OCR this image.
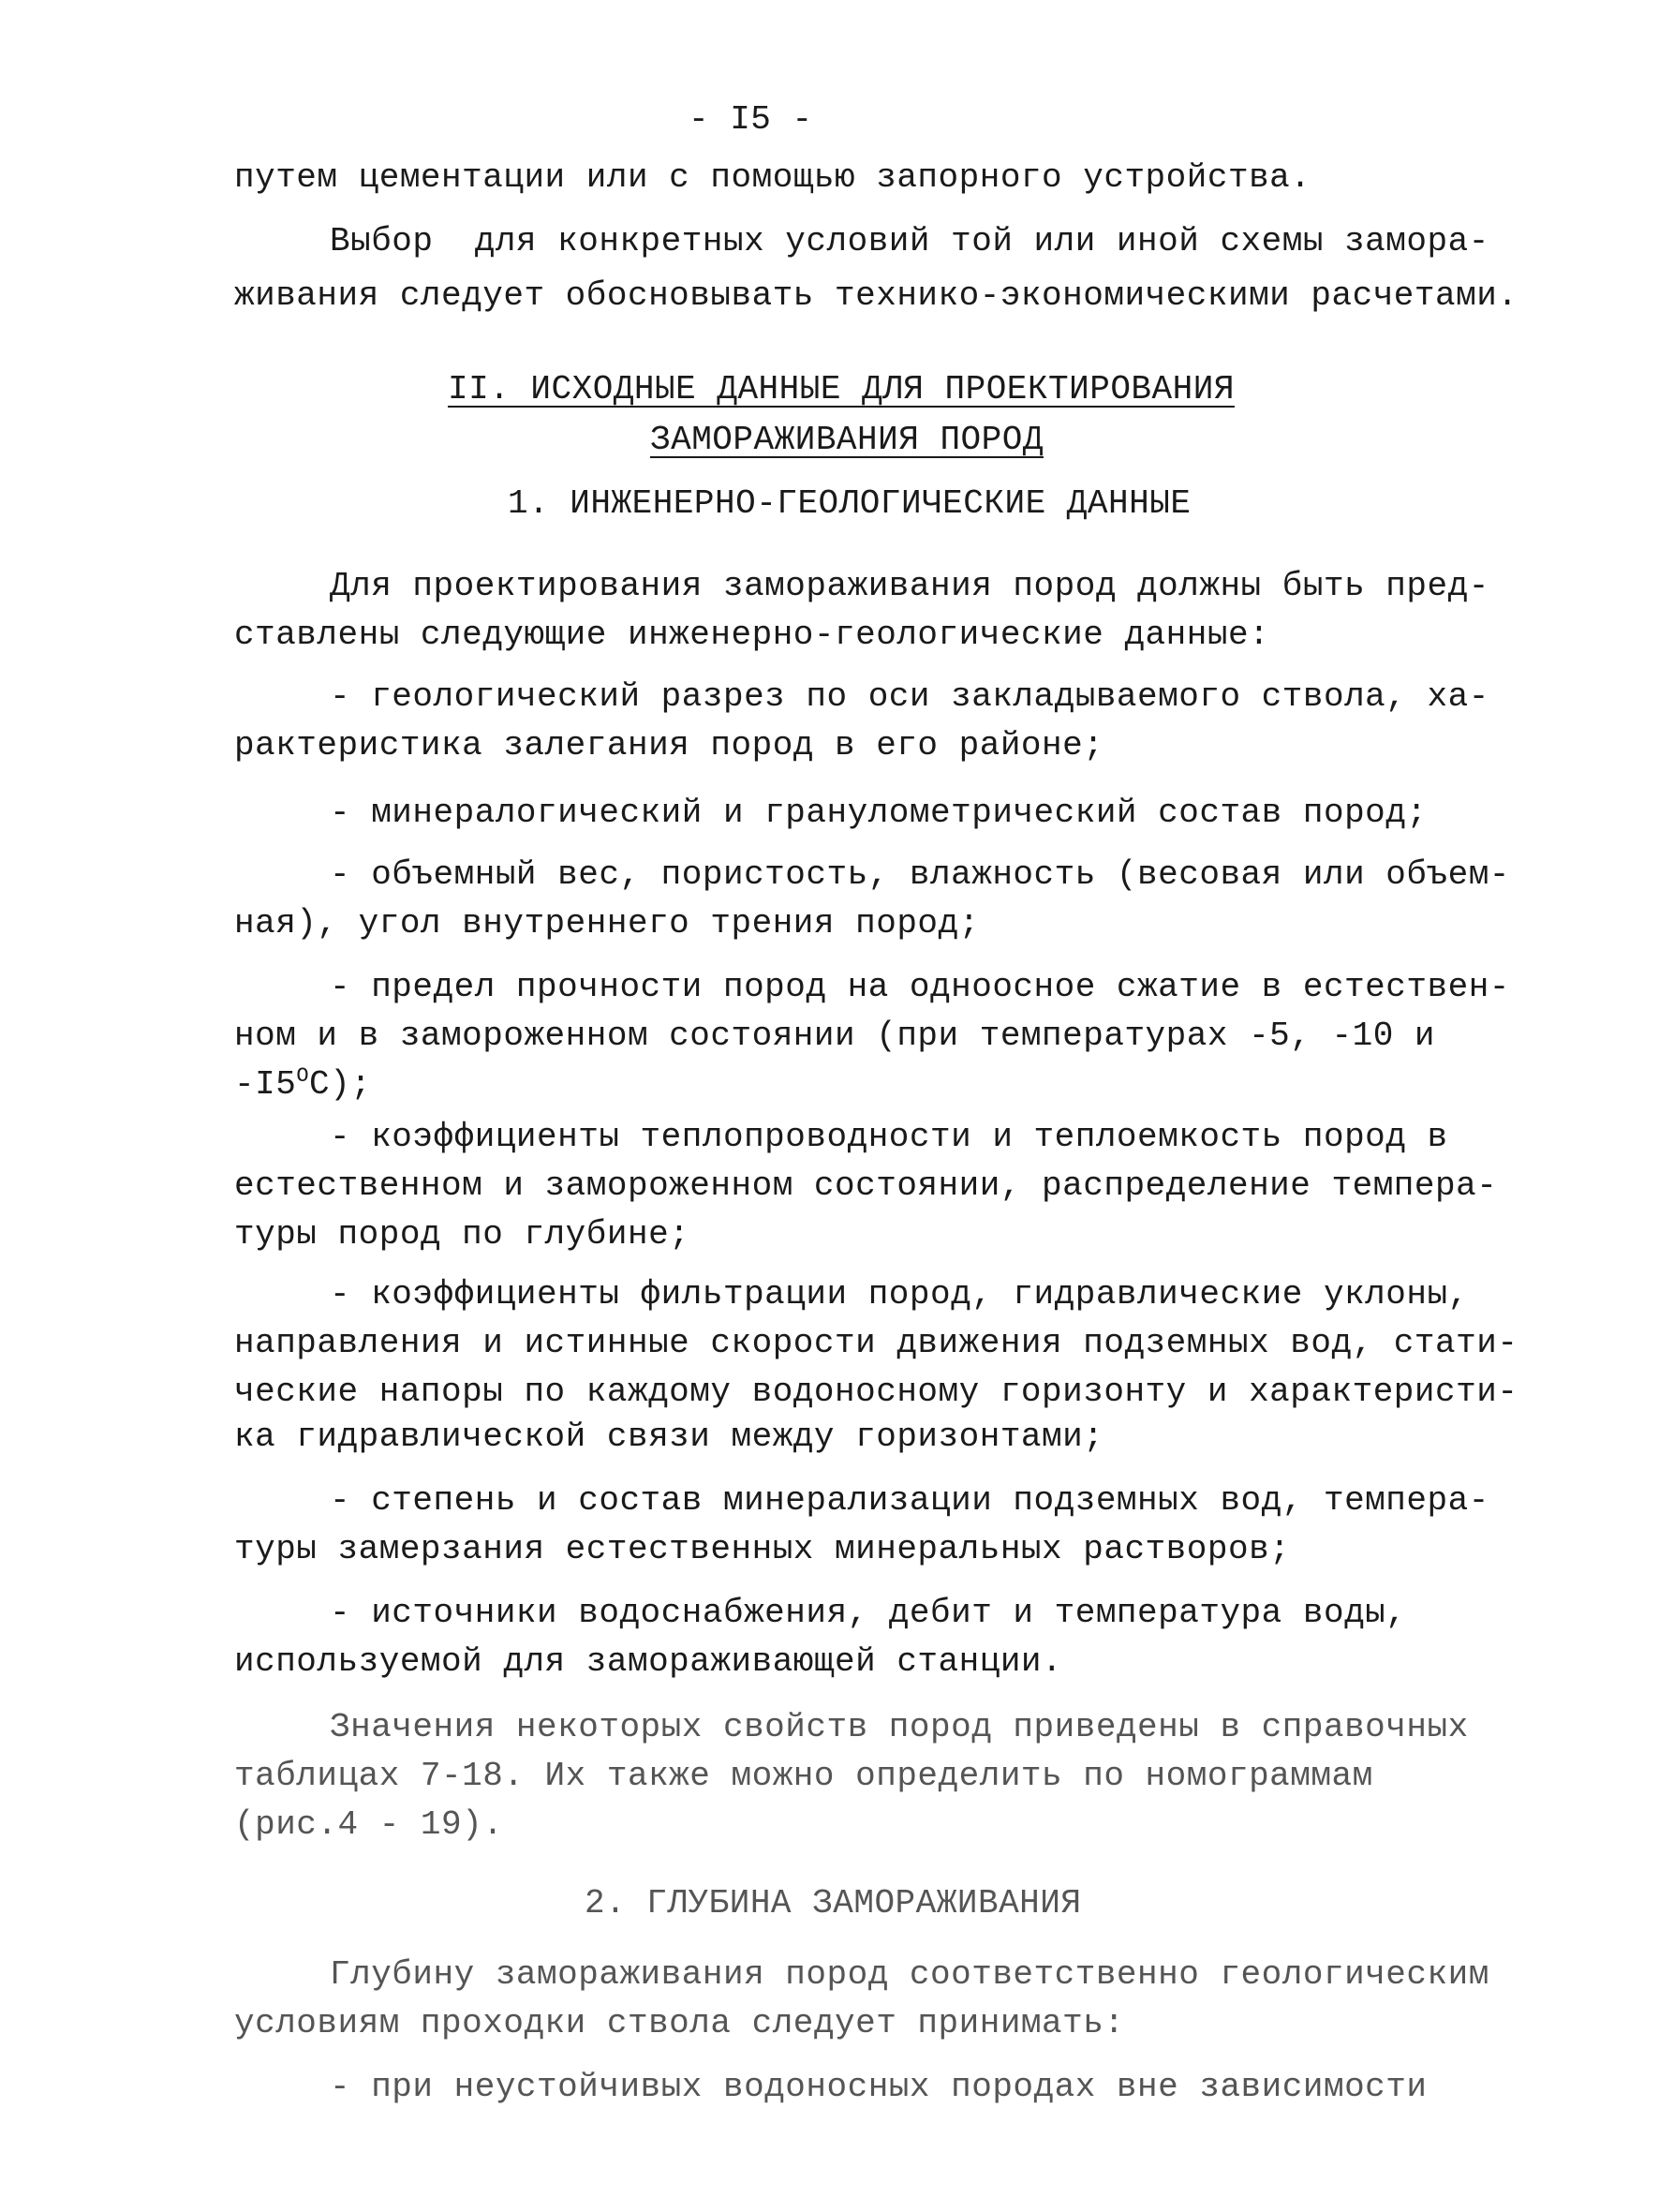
- I5 -
путем цементации или с помощью запорного устройства.
Выбор  для конкретных условий той или иной схемы замора-
живания следует обосновывать технико-экономическими расчетами.
II. ИСХОДНЫЕ ДАННЫЕ ДЛЯ ПРОЕКТИРОВАНИЯ
ЗАМОРАЖИВАНИЯ ПОРОД
1. ИНЖЕНЕРНО-ГЕОЛОГИЧЕСКИЕ ДАННЫЕ
Для проектирования замораживания пород должны быть пред-
ставлены следующие инженерно-геологические данные:
- геологический разрез по оси закладываемого ствола, ха-
рактеристика залегания пород в его районе;
- минералогический и гранулометрический состав пород;
- объемный вес, пористость, влажность (весовая или объем-
ная), угол внутреннего трения пород;
- предел прочности пород на одноосное сжатие в естествен-
ном и в замороженном состоянии (при температурах -5, -10 и
$-I5^OС$);
- коэффициенты теплопроводности и теплоемкость пород в
естественном и замороженном состоянии, распределение темпера-
туры пород по глубине;
- коэффициенты фильтрации пород, гидравлические уклоны,
направления и истинные скорости движения подземных вод, стати-
ческие напоры по каждому водоносному горизонту и характеристи-
ка гидравлической связи между горизонтами;
- степень и состав минерализации подземных вод, темпера-
туры замерзания естественных минеральных растворов;
- источники водоснабжения, дебит и температура воды,
используемой для замораживающей станции.
Значения некоторых свойств пород приведены в справочных
таблицах 7-18. Их также можно определить по номограммам
(рис.4 - 19).
2. ГЛУБИНА ЗАМОРАЖИВАНИЯ
Глубину замораживания пород соответственно геологическим
условиям проходки ствола следует принимать:
- при неустойчивых водоносных породах вне зависимости
